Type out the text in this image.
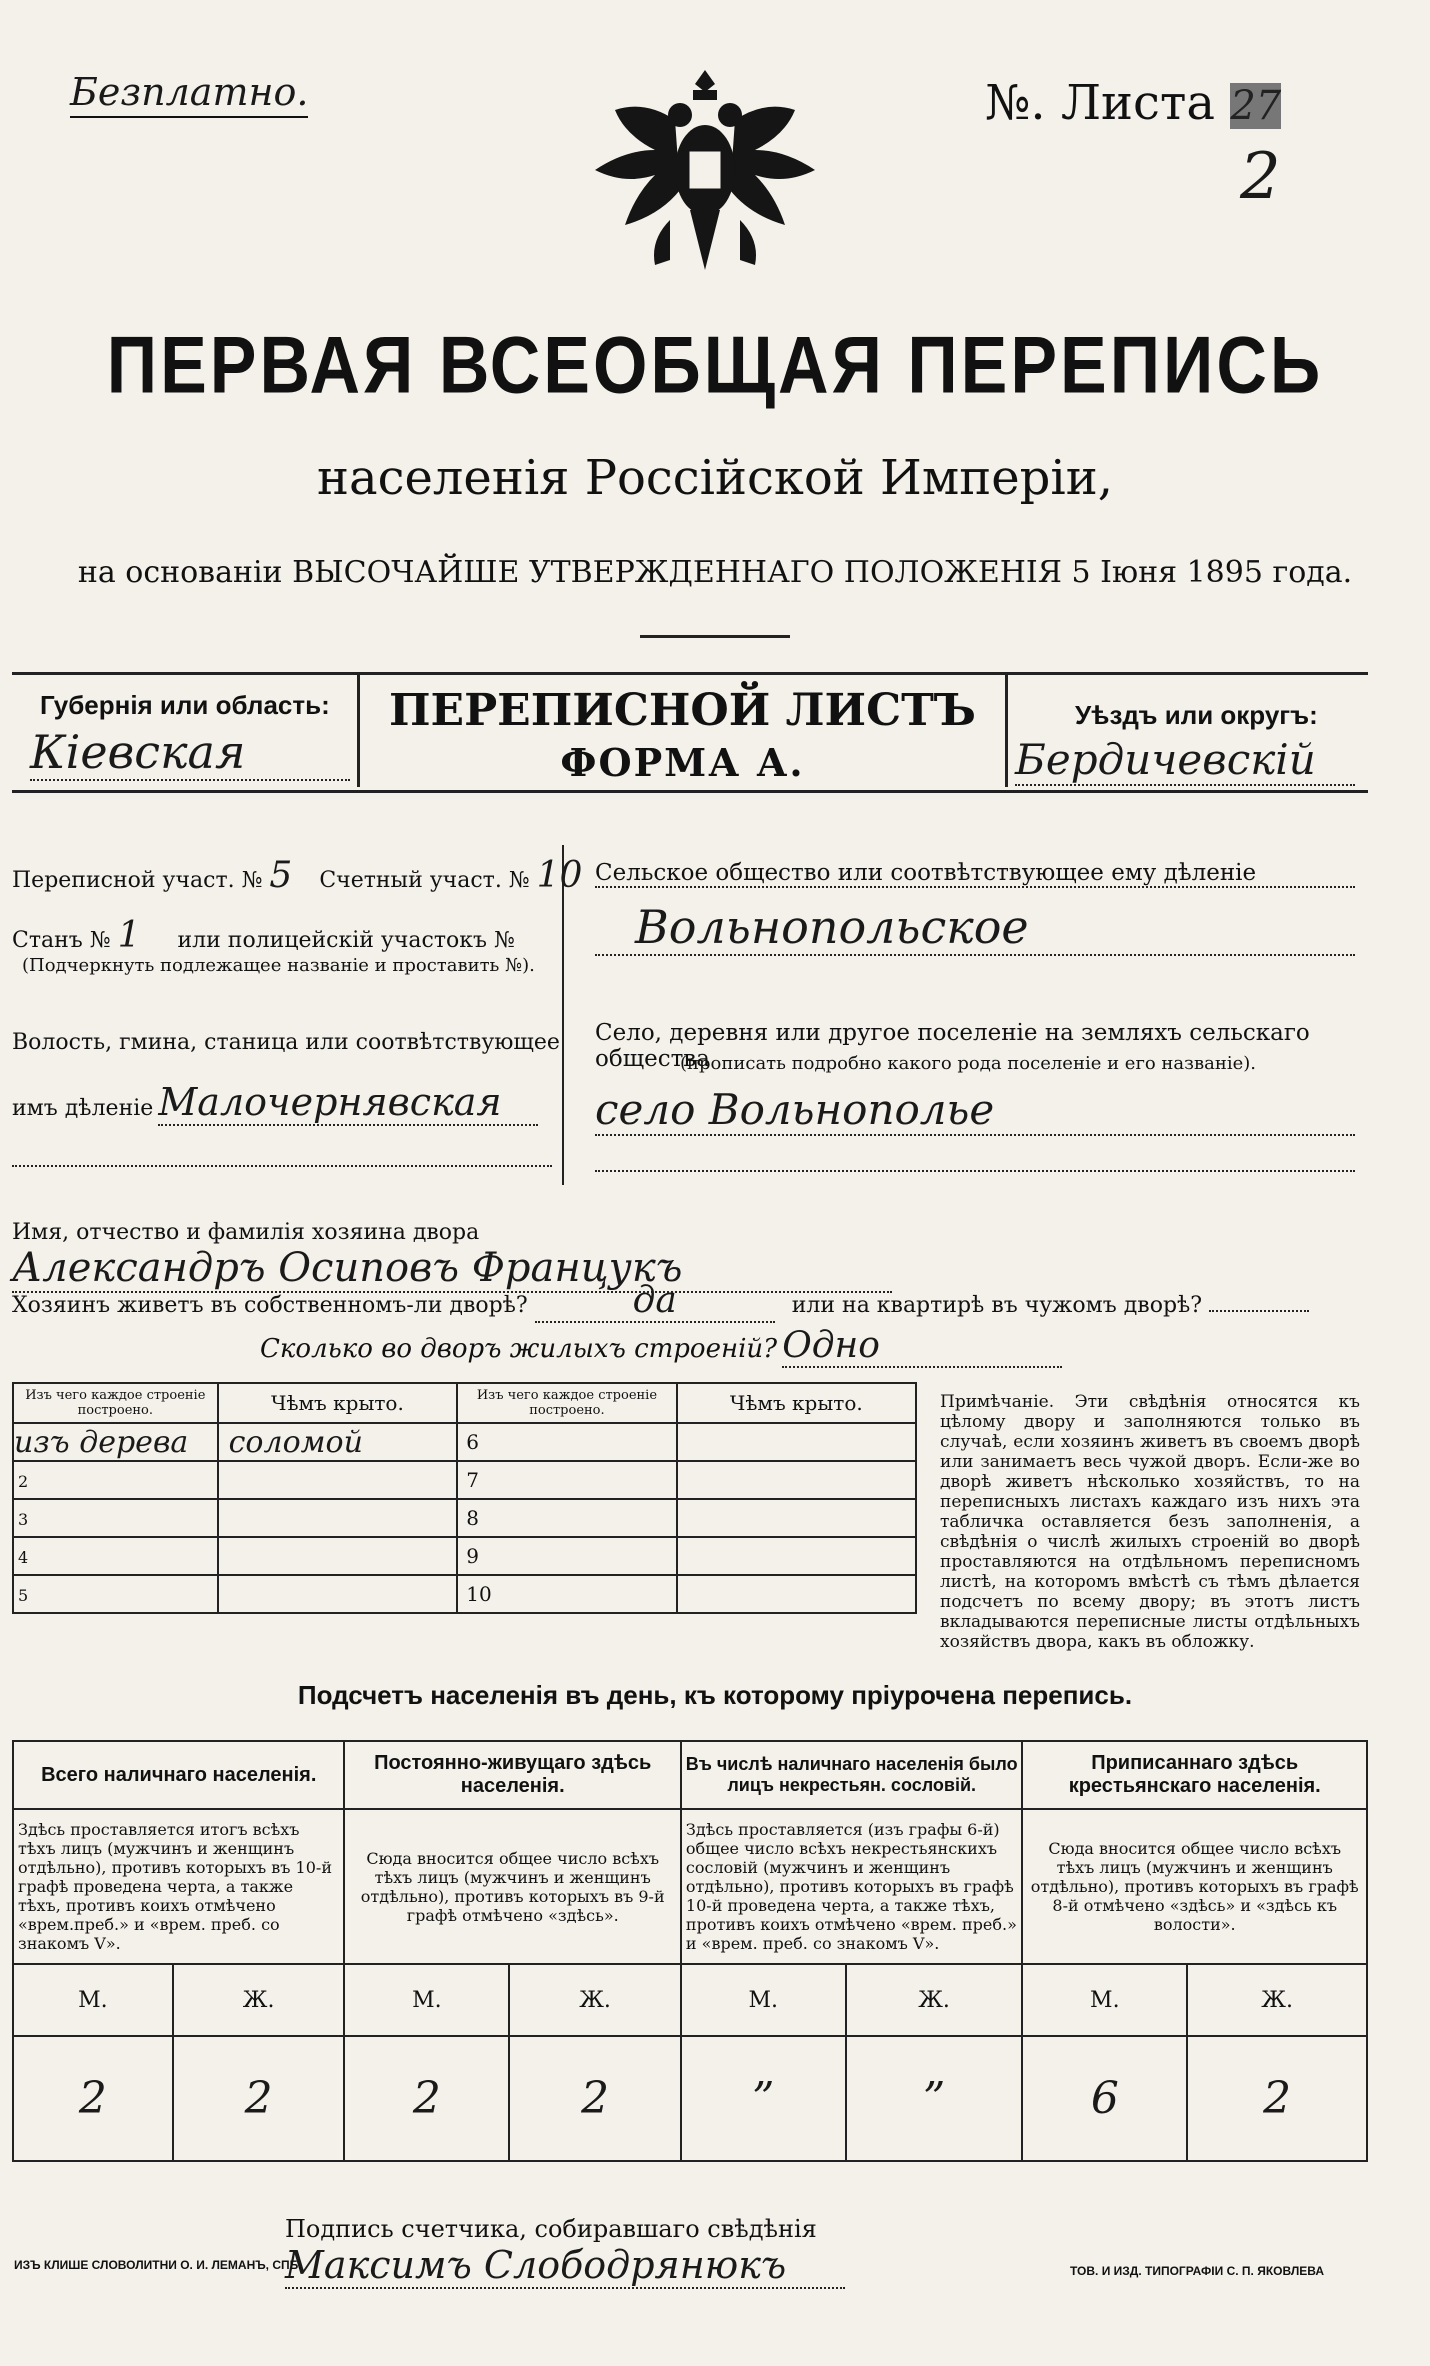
Безплатно.	№. Листа 27
2
ПЕРВАЯ ВСЕОБЩАЯ ПЕРЕПИСЬ
населенія Россійской Имперіи,
на основаніи ВЫСОЧАЙШЕ УТВЕРЖДЕННАГО ПОЛОЖЕНІЯ 5 Іюня 1895 года.
Губернія или область:
Кiевская
ПЕРЕПИСНОЙ ЛИСТЪ
ФОРМА А.
Уѣздъ или округъ:
Бердичевскiй
Переписной участ. № 5 Счетный участ. № 10
Станъ № 1 или полицейскій участокъ №
(Подчеркнуть подлежащее названіе и проставить №).
Волость, гмина, станица или соотвѣтствующее
имъ дѣленіе Малочернявская
Сельское общество или соотвѣтствующее ему дѣленіе
Вольнопольское
Село, деревня или другое поселеніе на земляхъ сельскаго общества
(прописать подробно какого рода поселеніе и его названіе).
село Вольнополье
Имя, отчество и фамилія хозяина двора Александръ Осиповъ Францукъ
Хозяинъ живетъ въ собственномъ-ли дворѣ?	да	или на квартирѣ въ чужомъ дворѣ?
Сколько во дворъ жилыхъ строеній? Одно
Изъ чего каждое строеніе построено.	Чѣмъ крыто.	Изъ чего каждое строеніе построено.	Чѣмъ крыто.
изъ дерева	соломой	6	
2		7	
3		8	
4		9	
5		10	
Примѣчаніе. Эти свѣдѣнія относятся къ цѣлому двору и заполняются только въ случаѣ, если хозяинъ живетъ въ своемъ дворѣ или занимаетъ весь чужой дворъ. Если-же во дворѣ живетъ нѣсколько хозяйствъ, то на переписныхъ листахъ каждаго изъ нихъ эта табличка оставляется безъ заполненія, а свѣдѣнія о числѣ жилыхъ строеній во дворѣ проставляются на отдѣльномъ переписномъ листѣ, на которомъ вмѣстѣ съ тѣмъ дѣлается подсчетъ по всему двору; въ этотъ листъ вкладываются переписные листы отдѣльныхъ хозяйствъ двора, какъ въ обложку.
Подсчетъ населенія въ день, къ которому пріурочена перепись.
Всего наличнаго населенія.		Постоянно-живущаго здѣсь населенія.		Въ числѣ наличнаго населенія было лицъ некрестьян. сословій.		Приписаннаго здѣсь крестьянскаго населенія.	
Здѣсь проставляется итогъ всѣхъ тѣхъ лицъ (мужчинъ и женщинъ отдѣльно), противъ которыхъ въ 10-й графѣ проведена черта, а также тѣхъ, противъ коихъ отмѣчено «врем.преб.» и «врем. преб. со знакомъ V».		Сюда вносится общее число всѣхъ тѣхъ лицъ (мужчинъ и женщинъ отдѣльно), противъ которыхъ въ 9-й графѣ отмѣчено «здѣсь».		Здѣсь проставляется (изъ графы 6-й) общее число всѣхъ некрестьянскихъ сословій (мужчинъ и женщинъ отдѣльно), противъ которыхъ въ графѣ 10-й проведена черта, а также тѣхъ, противъ коихъ отмѣчено «врем. преб.» и «врем. преб. со знакомъ V».		Сюда вносится общее число всѣхъ тѣхъ лицъ (мужчинъ и женщинъ отдѣльно), противъ которыхъ въ графѣ 8-й отмѣчено «здѣсь» и «здѣсь къ волости».	
М.	Ж.	М.	Ж.	М.	Ж.	М.	Ж.
2	2	2	2	”	”	6	2
Подпись счетчика, собиравшаго свѣдѣнія Максимъ Слободрянюкъ
ИЗЪ КЛИШЕ СЛОВОЛИТНИ О. И. ЛЕМАНЪ, СПБ.	ТОВ. И ИЗД. ТИПОГРАФІИ С. П. ЯКОВЛЕВА
